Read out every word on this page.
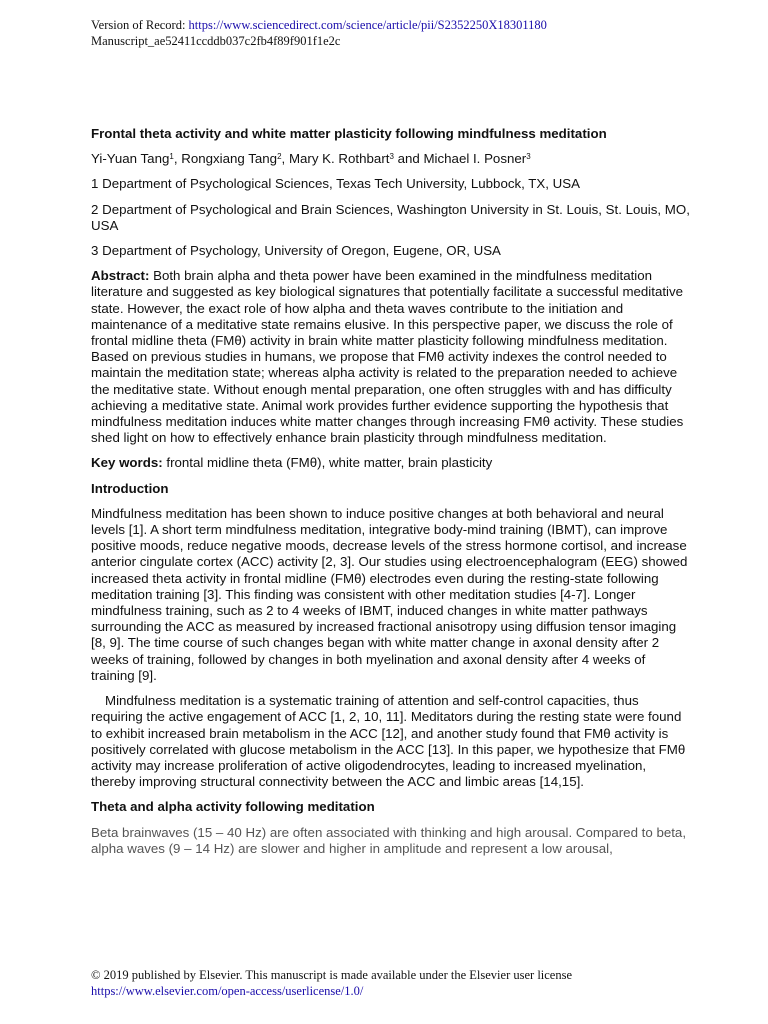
Version of Record: https://www.sciencedirect.com/science/article/pii/S2352250X18301180
Manuscript_ae52411ccddb037c2fb4f89f901f1e2c

Frontal theta activity and white matter plasticity following mindfulness meditation

Yi-Yuan Tang$^1$, Rongxiang Tang$^2$, Mary K. Rothbart$^3$ and Michael I. Posner$^3$

1 Department of Psychological Sciences, Texas Tech University, Lubbock, TX, USA

2 Department of Psychological and Brain Sciences, Washington University in St. Louis, St. Louis, MO, USA

3 Department of Psychology, University of Oregon, Eugene, OR, USA

Abstract: Both brain alpha and theta power have been examined in the mindfulness meditation literature and suggested as key biological signatures that potentially facilitate a successful meditative state. However, the exact role of how alpha and theta waves contribute to the initiation and maintenance of a meditative state remains elusive. In this perspective paper, we discuss the role of frontal midline theta (FMθ) activity in brain white matter plasticity following mindfulness meditation. Based on previous studies in humans, we propose that FMθ activity indexes the control needed to maintain the meditation state; whereas alpha activity is related to the preparation needed to achieve the meditative state. Without enough mental preparation, one often struggles with and has difficulty achieving a meditative state. Animal work provides further evidence supporting the hypothesis that mindfulness meditation induces white matter changes through increasing FMθ activity. These studies shed light on how to effectively enhance brain plasticity through mindfulness meditation.

Key words: frontal midline theta (FMθ), white matter, brain plasticity

Introduction

Mindfulness meditation has been shown to induce positive changes at both behavioral and neural levels [1]. A short term mindfulness meditation, integrative body-mind training (IBMT), can improve positive moods, reduce negative moods, decrease levels of the stress hormone cortisol, and increase anterior cingulate cortex (ACC) activity [2, 3]. Our studies using electroencephalogram (EEG) showed increased theta activity in frontal midline (FMθ) electrodes even during the resting-state following meditation training [3]. This finding was consistent with other meditation studies [4-7]. Longer mindfulness training, such as 2 to 4 weeks of IBMT, induced changes in white matter pathways surrounding the ACC as measured by increased fractional anisotropy using diffusion tensor imaging [8, 9]. The time course of such changes began with white matter change in axonal density after 2 weeks of training, followed by changes in both myelination and axonal density after 4 weeks of training [9].

Mindfulness meditation is a systematic training of attention and self-control capacities, thus requiring the active engagement of ACC [1, 2, 10, 11]. Meditators during the resting state were found to exhibit increased brain metabolism in the ACC [12], and another study found that FMθ activity is positively correlated with glucose metabolism in the ACC [13]. In this paper, we hypothesize that FMθ activity may increase proliferation of active oligodendrocytes, leading to increased myelination, thereby improving structural connectivity between the ACC and limbic areas [14,15].

Theta and alpha activity following meditation

Beta brainwaves (15 – 40 Hz) are often associated with thinking and high arousal. Compared to beta, alpha waves (9 – 14 Hz) are slower and higher in amplitude and represent a low arousal,

© 2019 published by Elsevier. This manuscript is made available under the Elsevier user license
https://www.elsevier.com/open-access/userlicense/1.0/
